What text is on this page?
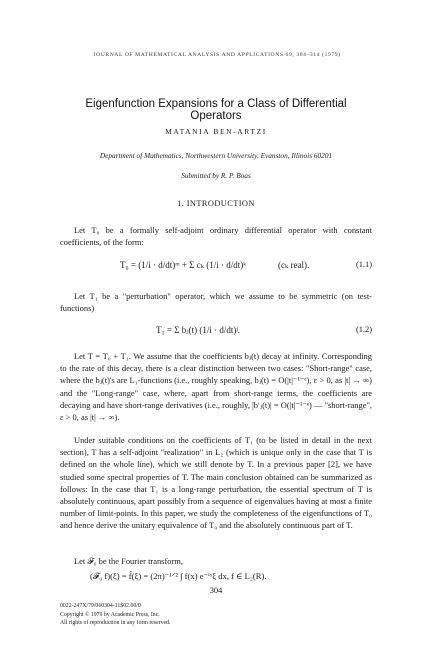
JOURNAL OF MATHEMATICAL ANALYSIS AND APPLICATIONS 69, 304–314 (1979)
Eigenfunction Expansions for a Class of Differential Operators
MATANIA BEN-ARTZI
Department of Mathematics, Northwestern University, Evanston, Illinois 60201
Submitted by R. P. Boas
1. INTRODUCTION
Let T₀ be a formally self-adjoint ordinary differential operator with constant coefficients, of the form:
T₀ = (1/i · d/dt)ᵐ + Σ cₖ (1/i · d/dt)ᵏ	(cₖ real).	(1.1)
Let T₁ be a "perturbation" operator, which we assume to be symmetric (on test-functions)
T₁ = Σ bⱼ(t) (1/i · d/dt)ʲ.	(1.2)
Let T = T₀ + T₁. We assume that the coefficients bⱼ(t) decay at infinity. Corresponding to the rate of this decay, there is a clear distinction between two cases: "Short-range" case, where the bⱼ(t)'s are L₁-functions (i.e., roughly speaking, bⱼ(t) = O(|t|⁻¹⁻ᵉ), ε > 0, as |t| → ∞) and the "Long-range" case, where, apart from short-range terms, the coefficients are decaying and have short-range derivatives (i.e., roughly, |b′ⱼ(t)| = O(|t|⁻¹⁻ᵉ) — "short-range", ε > 0, as |t| → ∞).
Under suitable conditions on the coefficients of T₁ (to be listed in detail in the next section), T has a self-adjoint "realization" in L₂ (which is unique only in the case that T is defined on the whole line), which we still denote by T. In a previous paper [2], we have studied some spectral properties of T. The main conclusion obtained can be summarized as follows: In the case that T₁ is a long-range perturbation, the essential spectrum of T is absolutely continuous, apart possibly from a sequence of eigenvalues having at most a finite number of limit-points. In this paper, we study the completeness of the eigenfunctions of T₀ and hence derive the unitary equivalence of T₀ and the absolutely continuous part of T.
Let 𝓕₀ be the Fourier transform,
(𝓕₀ f)(ξ) = f̂(ξ) = (2π)⁻¹ᐟ² ∫ f(x) e⁻ⁱˣξ dx, f ∈ L₂(R).
304
0022-247X/79/060304-11$02.00/0
Copyright © 1979 by Academic Press, Inc.
All rights of reproduction in any form reserved.
